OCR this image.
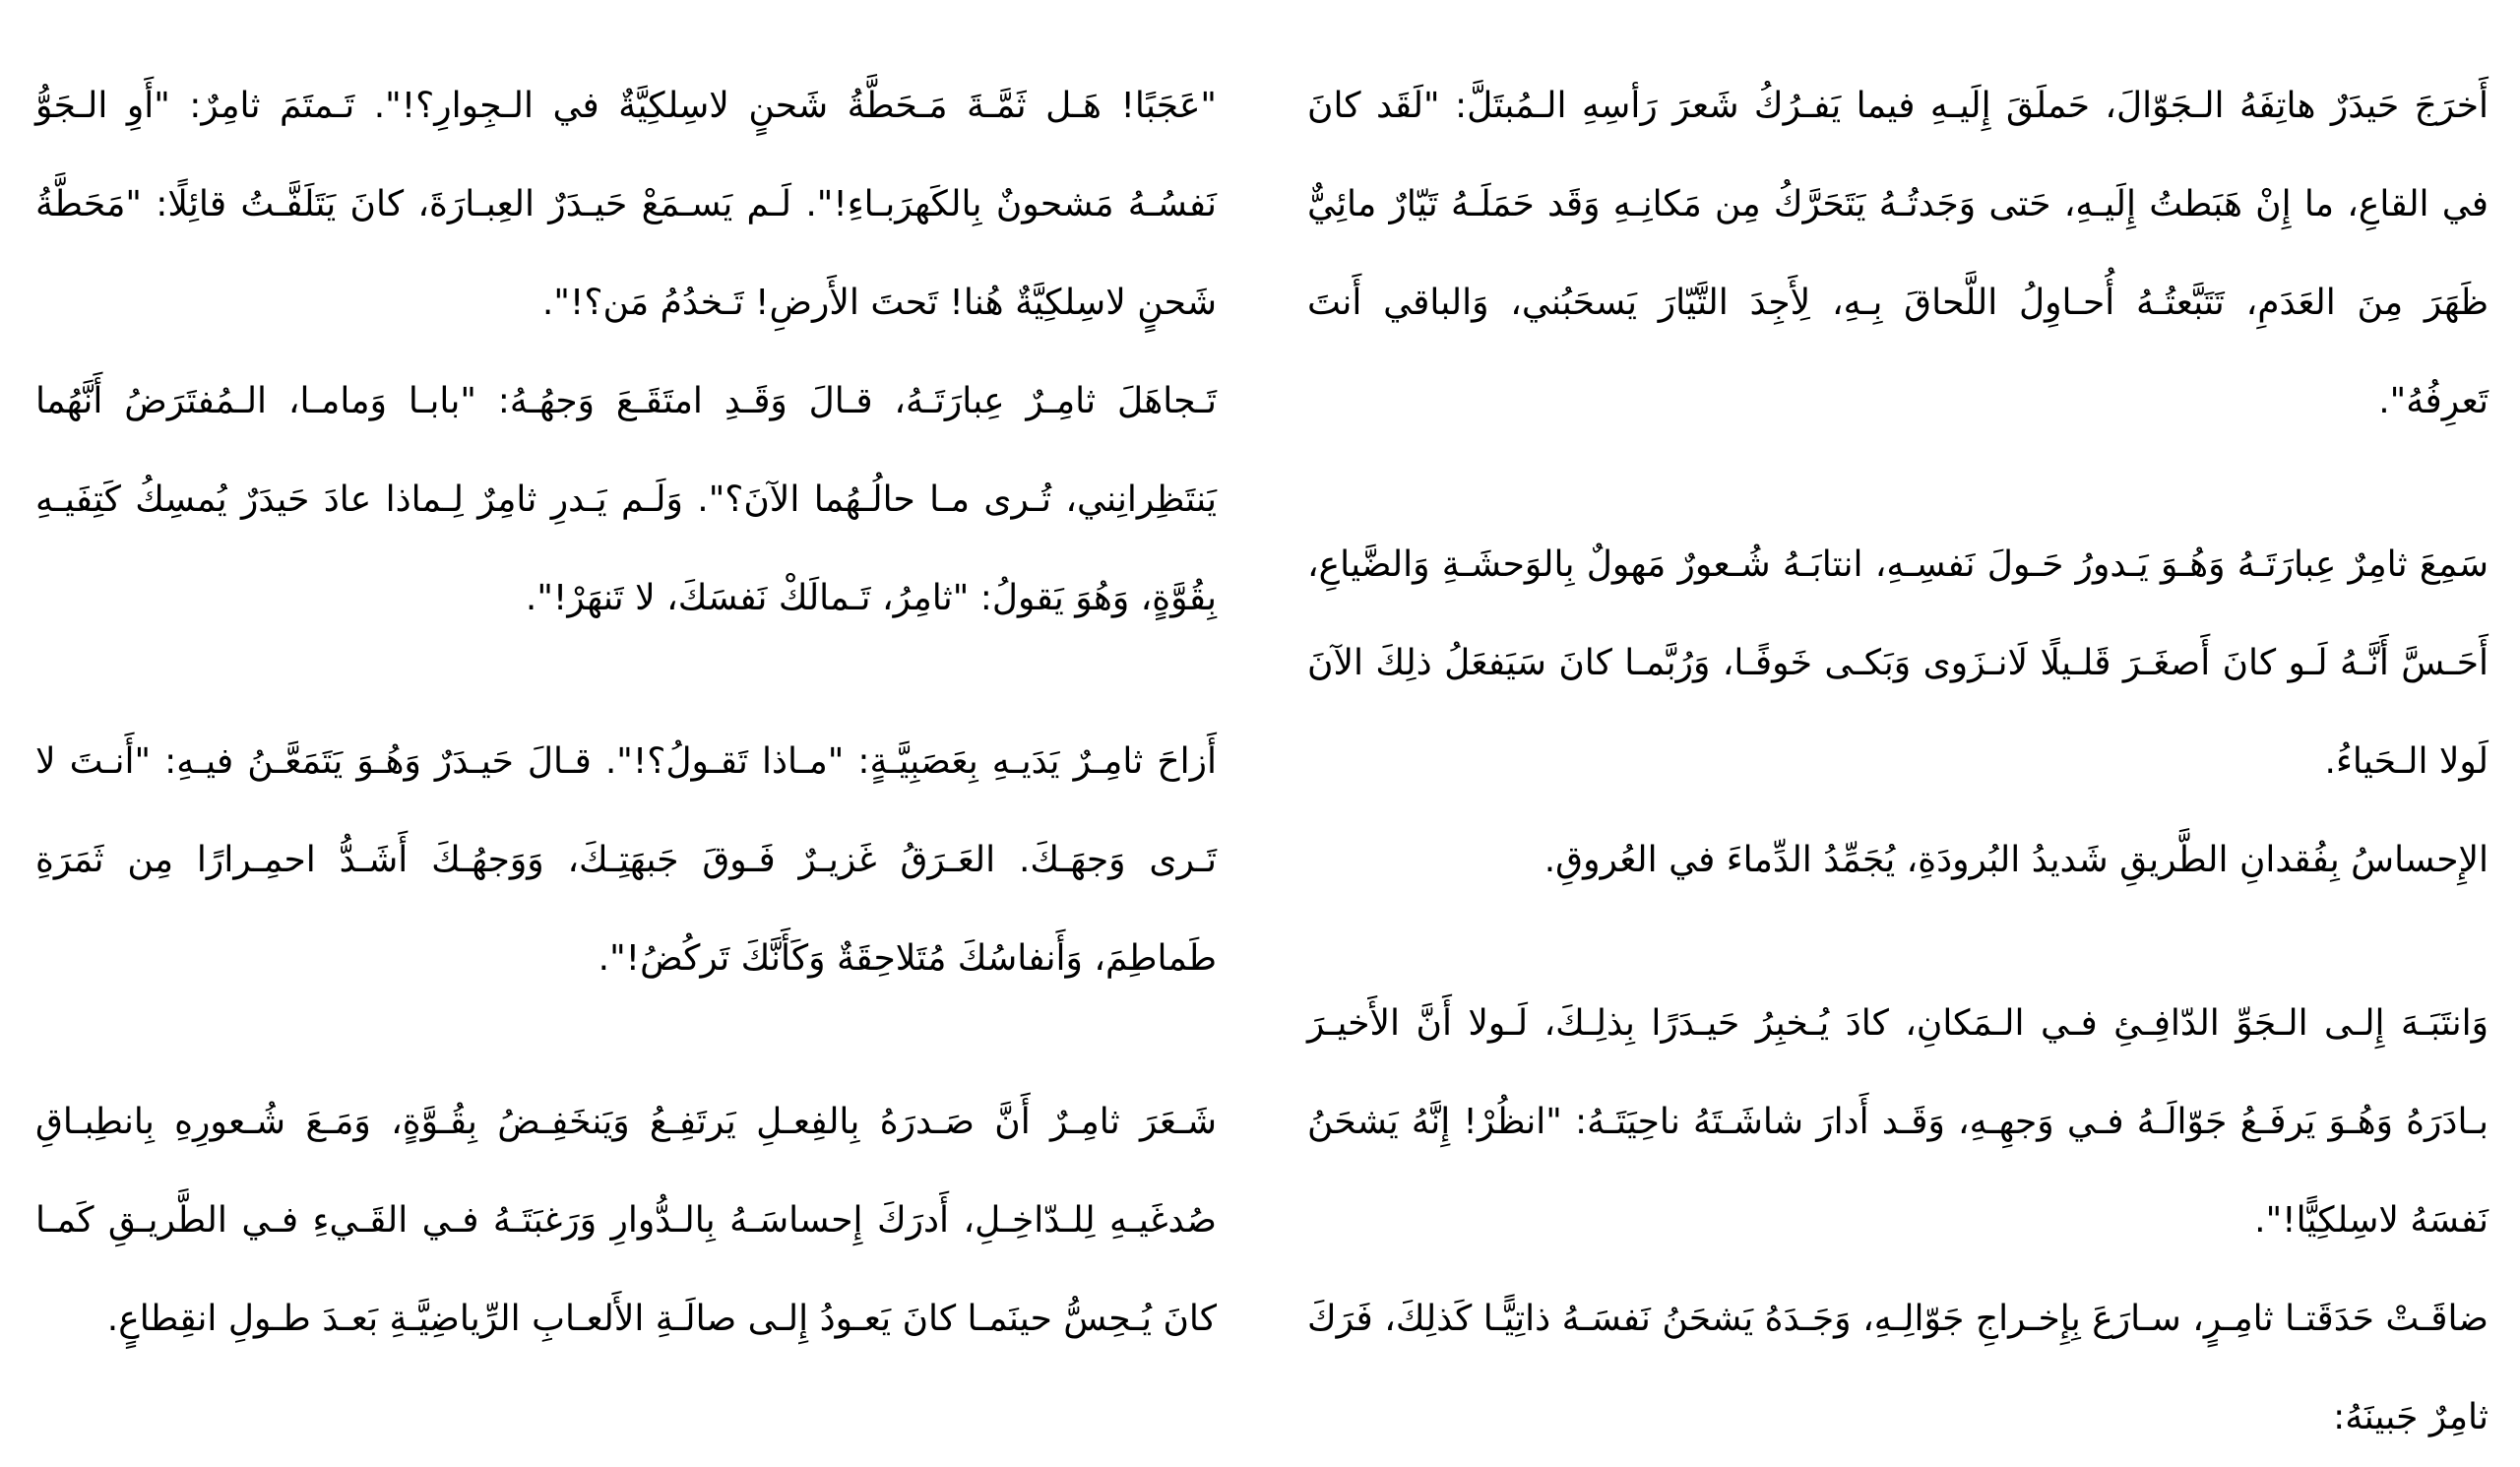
أَخرَجَ حَيدَرٌ هاتِفَهُ الـجَوّالَ، حَملَقَ إِلَيـهِ فيما يَفـرُكُ شَعرَ رَأسِهِ الـمُبتَلَّ: "لَقَد كانَ في القاعِ، ما إِنْ هَبَطتُ إِلَيـهِ، حَتى وَجَدتُـهُ يَتَحَرَّكُ مِن مَكانِـهِ وَقَد حَمَلَـهُ تَيّارٌ مائِيٌّ ظَهَرَ مِنَ العَدَمِ، تَتَبَّعتُـهُ أُحـاوِلُ اللَّحاقَ بِـهِ، لِأَجِدَ التَّيّارَ يَسحَبُني، وَالباقي أَنتَ تَعرِفُهُ".

سَمِعَ ثامِرٌ عِبارَتَـهُ وَهُـوَ يَـدورُ حَـولَ نَفسِـهِ، انتابَـهُ شُـعورٌ مَهولٌ بِالوَحشَـةِ وَالضَّياعِ، أَحَـسَّ أَنَّـهُ لَـو كانَ أَصغَـرَ قَلـيلًا لَانـزَوى وَبَكـى خَوفًـا، وَرُبَّمـا كانَ سَيَفعَلُ ذلِكَ الآنَ لَولا الـحَياءُ.

الإِحساسُ بِفُقدانِ الطَّريقِ شَديدُ البُرودَةِ، يُجَمِّدُ الدِّماءَ في العُروقِ.

وَانتَبَـهَ إِلـى الـجَوِّ الدّافِـئِ فـي الـمَكانِ، كادَ يُـخبِرُ حَيـدَرًا بِذلِـكَ، لَـولا أَنَّ الأَخيـرَ بـادَرَهُ وَهُـوَ يَرفَـعُ جَوّالَـهُ فـي وَجهِـهِ، وَقَـد أَدارَ شاشَـتَهُ ناحِيَتَـهُ: "انظُرْ! إِنَّهُ يَشحَنُ نَفسَهُ لاسِلكِيًّا!".

ضاقَـتْ حَدَقَتـا ثامِـرٍ، سـارَعَ بِإِخـراجِ جَوّالِـهِ، وَجَـدَهُ يَشحَنُ نَفسَـهُ ذاتِيًّـا كَذلِكَ، فَرَكَ ثامِرٌ جَبينَهُ:

"عَجَبًا! هَـل ثَمَّـةَ مَـحَطَّةُ شَحنٍ لاسِلكِيَّةٌ في الـجِوارِ؟!". تَـمتَمَ ثامِرٌ: "أَوِ الـجَوُّ نَفسُـهُ مَشحونٌ بِالكَهرَبـاءِ!". لَـم يَسـمَعْ حَيـدَرٌ العِبـارَةَ، كانَ يَتَلَفَّـتُ قائِلًا: "مَحَطَّةُ شَحنٍ لاسِلكِيَّةٌ هُنا! تَحتَ الأَرضِ! تَـخدُمُ مَن؟!".

تَـجاهَلَ ثامِـرٌ عِبارَتَـهُ، قـالَ وَقَـدِ امتَقَـعَ وَجهُـهُ: "بابـا وَمامـا، الـمُفتَرَضُ أَنَّهُما يَنتَظِرانِني، تُـرى مـا حالُـهُما الآنَ؟". وَلَـم يَـدرِ ثامِرٌ لِـماذا عادَ حَيدَرٌ يُمسِكُ كَتِفَيـهِ بِقُوَّةٍ، وَهُوَ يَقولُ: "ثامِرُ، تَـمالَكْ نَفسَكَ، لا تَنهَرْ!".

أَزاحَ ثامِـرٌ يَدَيـهِ بِعَصَبِيَّـةٍ: "مـاذا تَقـولُ؟!". قـالَ حَيـدَرٌ وَهُـوَ يَتَمَعَّـنُ فيـهِ: "أَنـتَ لا تَـرى وَجهَـكَ. العَـرَقُ غَزيـرٌ فَـوقَ جَبهَتِـكَ، وَوَجهُـكَ أَشَـدُّ احمِـرارًا مِن ثَمَرَةِ طَماطِمَ، وَأَنفاسُكَ مُتَلاحِقَةٌ وَكَأَنَّكَ تَركُضُ!".

شَـعَرَ ثامِـرٌ أَنَّ صَـدرَهُ بِالفِعـلِ يَرتَفِـعُ وَيَنخَفِـضُ بِقُـوَّةٍ، وَمَـعَ شُـعورِهِ بِانطِبـاقِ صُدغَيـهِ لِلـدّاخِـلِ، أَدرَكَ إِحساسَـهُ بِالـدُّوارِ وَرَغبَتَـهُ فـي القَـيءِ فـي الطَّريـقِ كَمـا كانَ يُـحِسُّ حينَمـا كانَ يَعـودُ إِلـى صالَـةِ الأَلعـابِ الرِّياضِيَّـةِ بَعـدَ طـولِ انقِطاعٍ.
